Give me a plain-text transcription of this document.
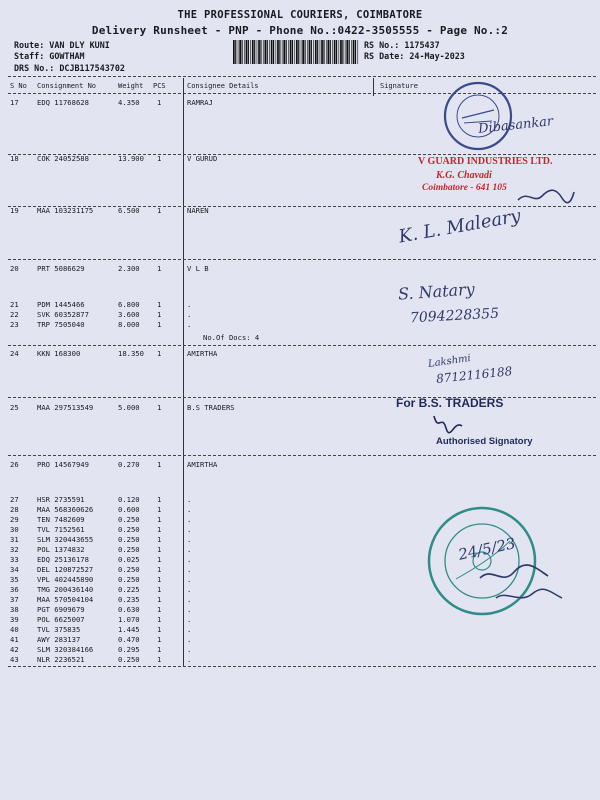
THE PROFESSIONAL COURIERS, COIMBATORE
Delivery Runsheet - PNP - Phone No.:0422-3505555 - Page No.:2
Route: VAN DLY KUNI
Staff: GOWTHAM
DRS No.: DCJB117543702
RS No.: 1175437
RS Date: 24-May-2023
S No Consignment No	Weight PCS	Consignee Details	Signature
17	EDQ 11768628	4.350 1	RAMRAJ
18	COK 24052588	13.900 1	V GURUD
19	MAA 103231175	6.500 1	NAREN
20	PRT 5086629	2.300 1	V L B
21	PDM 1445466	6.800 1	.
22	SVK 60352877	3.600 1	.
23	TRP 7505040	8.000 1	.
24	KKN 168300	18.350 1	AMIRTHA
25	MAA 297513549	5.000 1	B.S TRADERS
26	PRO 14567949	0.270 1	AMIRTHA
27	HSR 2735591	0.120 1	.
28	MAA 568360626	0.600 1	.
29	TEN 7482609	0.250 1	.
30	TVL 7152561	0.250 1	.
31	SLM 320443655	0.250 1	.
32	POL 1374832	0.250 1	.
33	EDQ 25136178	0.025 1	.
34	DEL 120872527	0.250 1	.
35	VPL 402445890	0.250 1	.
36	TMG 200436140	0.225 1	.
37	MAA 570504104	0.235 1	.
38	PGT 6909679	0.630 1	.
39	POL 6625007	1.070 1	.
40	TVL 375835	1.445 1	.
41	AWY 283137	0.470 1	.
42	SLM 320384166	0.295 1	.
43	NLR 2236521	0.250 1	.
No.Of Docs: 4
Dibasankar
V GUARD INDUSTRIES LTD.
K.G. Chavadi
Coimbatore - 641 105
K. L. Maleary
S. Natary
7094228355
Lakshmi
8712116188
For B.S. TRADERS
Authorised Signatory
24/5/23
